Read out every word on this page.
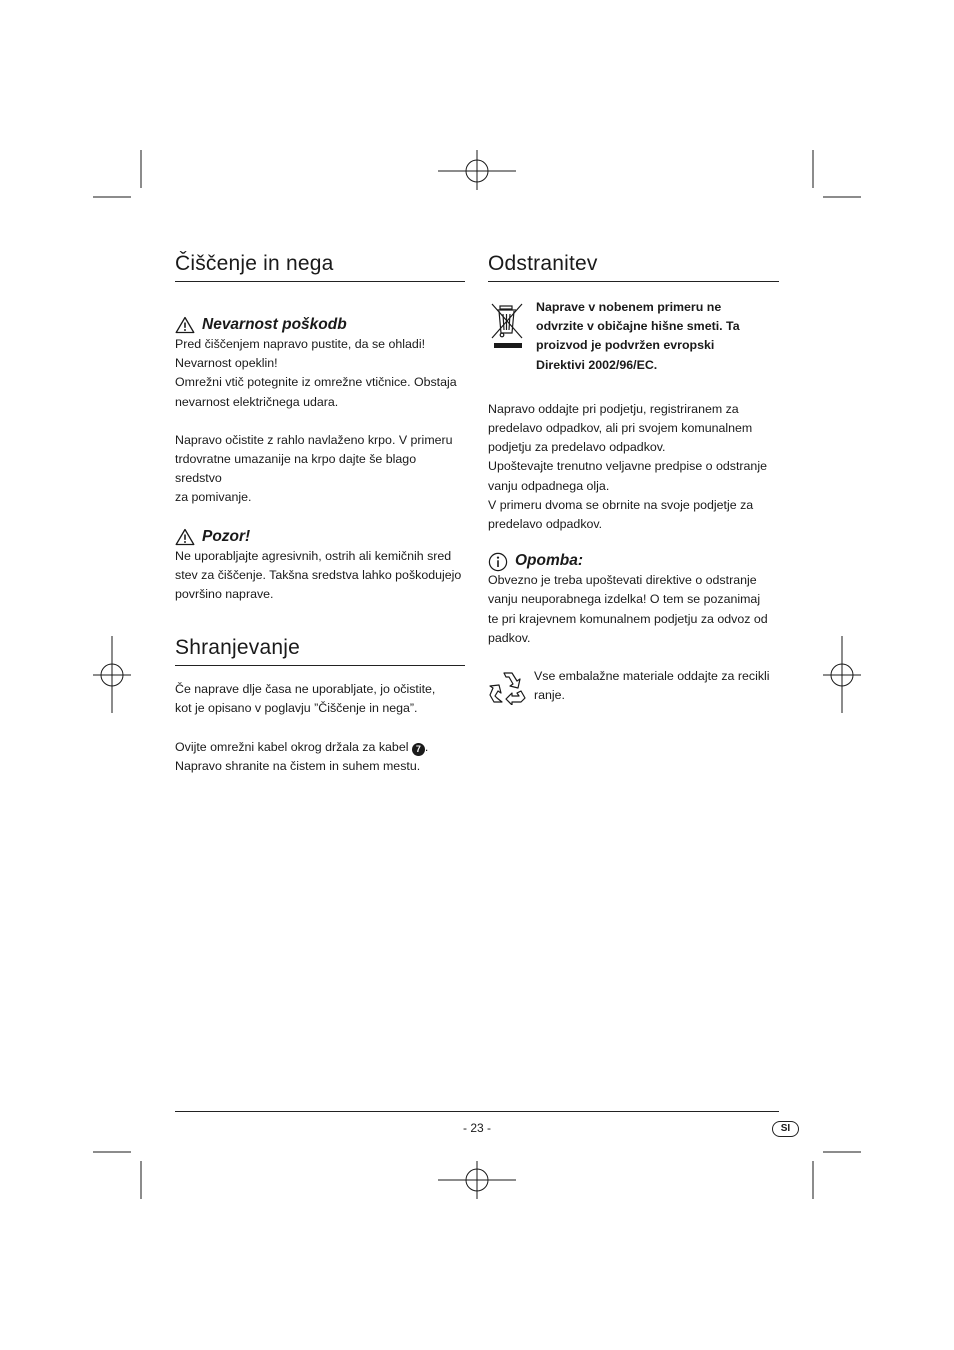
Čiščenje in nega
Nevarnost poškodb

Pred čiščenjem napravo pustite, da se ohladi!

Nevarnost opeklin!

Omrežni vtič potegnite iz omrežne vtičnice. Obstaja

nevarnost električnega udara.

Napravo očistite z rahlo navlaženo krpo. V primeru

trdovratne umazanije na krpo dajte še blago sredstvo

za pomivanje.

Pozor!

Ne uporabljajte agresivnih, ostrih ali kemičnih sred

stev za čiščenje. Takšna sredstva lahko poškodujejo

površino naprave.

Shranjevanje

Če naprave dlje časa ne uporabljate, jo očistite,

kot je opisano v poglavju ”Čiščenje in nega”.

Ovijte omrežni kabel okrog držala za kabel 7 .

Napravo shranite na čistem in suhem mestu.

Odstranitev

Naprave v nobenem primeru ne

odvrzite v običajne hišne smeti. Ta

proizvod je podvržen evropski

Direktivi 2002/96/EC.

Napravo oddajte pri podjetju, registriranem za

predelavo odpadkov, ali pri svojem komunalnem

podjetju za predelavo odpadkov.

Upoštevajte trenutno veljavne predpise o odstranje

vanju odpadnega olja.

V primeru dvoma se obrnite na svoje podjetje za

predelavo odpadkov.

Opomba:

Obvezno je treba upoštevati direktive o odstranje

vanju neuporabnega izdelka! O tem se pozanimaj

te pri krajevnem komunalnem podjetju za odvoz od

padkov.

Vse embalažne materiale oddajte za recikli

ranje.

- 23 -	SI
